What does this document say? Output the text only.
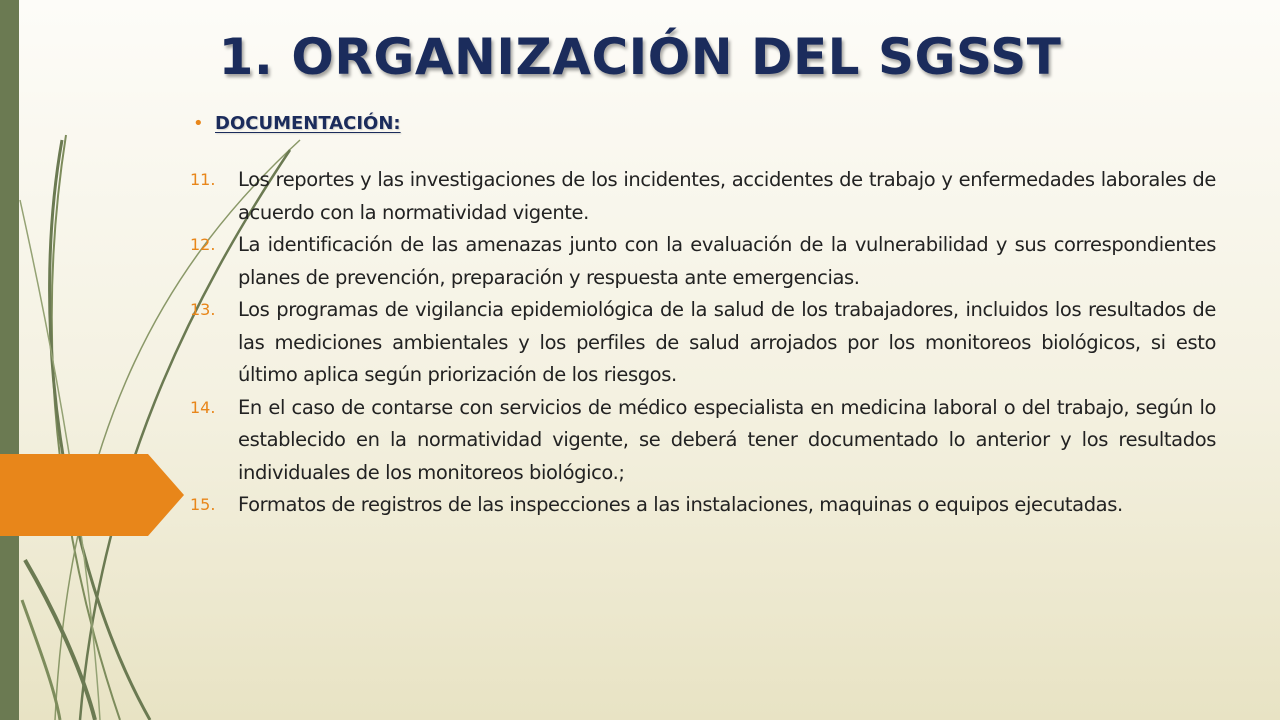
1. ORGANIZACIÓN DEL SGSST
• DOCUMENTACIÓN:
11.	Los reportes y las investigaciones de los incidentes, accidentes de trabajo y enfermedades laborales de acuerdo con la normatividad vigente.
12.	La identificación de las amenazas junto con la evaluación de la vulnerabilidad y sus correspondientes planes de prevención, preparación y respuesta ante emergencias.
13.	Los programas de vigilancia epidemiológica de la salud de los trabajadores, incluidos los resultados de las mediciones ambientales y los perfiles de salud arrojados por los monitoreos biológicos, si esto último aplica según priorización de los riesgos.
14.	En el caso de contarse con servicios de médico especialista en medicina laboral o del trabajo, según lo establecido en la normatividad vigente, se deberá tener documentado lo anterior y los resultados individuales de los monitoreos biológico.;
15.	Formatos de registros de las inspecciones a las instalaciones, maquinas o equipos ejecutadas.
